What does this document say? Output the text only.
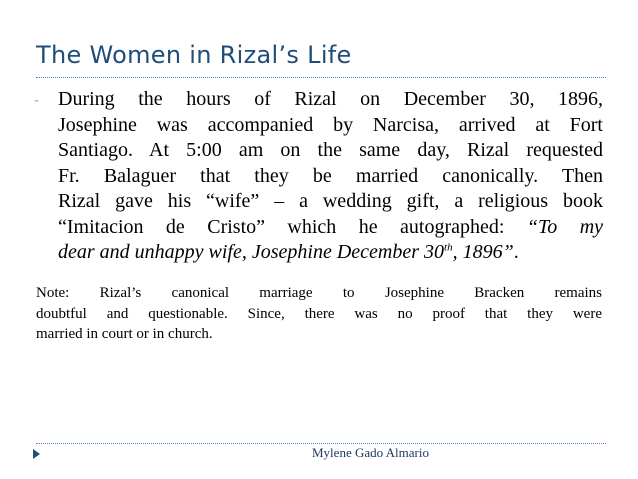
The Women in Rizal’s Life
- During the hours of Rizal on December 30, 1896,
Josephine was accompanied by Narcisa, arrived at Fort
Santiago. At 5:00 am on the same day, Rizal requested
Fr. Balaguer that they be married canonically. Then
Rizal gave his “wife” – a wedding gift, a religious book
“Imitacion de Cristo” which he autographed: “To my
dear and unhappy wife, Josephine December 30th, 1896”.
Note: Rizal’s canonical marriage to Josephine Bracken remains
doubtful and questionable. Since, there was no proof that they were
married in court or in church.
Mylene Gado Almario
